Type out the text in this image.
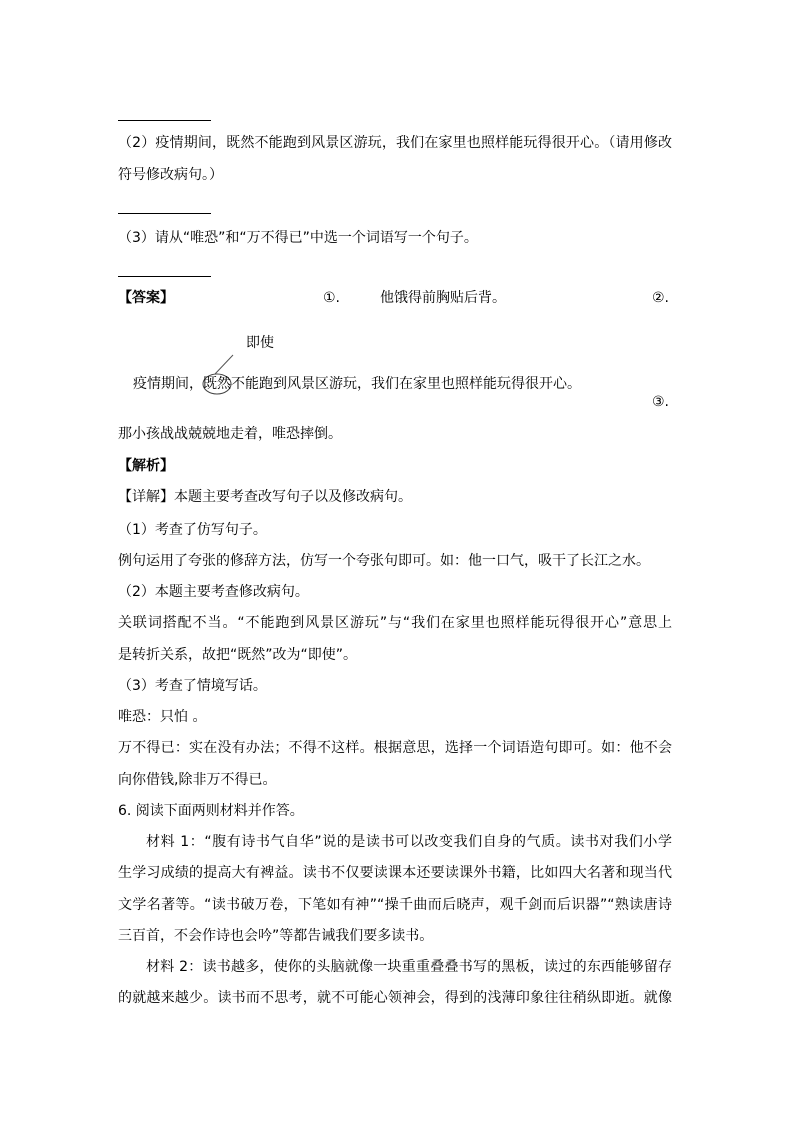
（2）疫情期间，既然不能跑到风景区游玩，我们在家里也照样能玩得很开心。（请用修改
符号修改病句。）
（3）请从“唯恐”和“万不得已”中选一个词语写一个句子。
【答案】	①.	他饿得前胸贴后背。	②.
即使
疫情期间，既然不能跑到风景区游玩，我们在家里也照样能玩得很开心。
③.
那小孩战战兢兢地走着，唯恐摔倒。
【解析】
【详解】本题主要考查改写句子以及修改病句。
（1）考查了仿写句子。
例句运用了夸张的修辞方法，仿写一个夸张句即可。如：他一口气，吸干了长江之水。
（2）本题主要考查修改病句。
关联词搭配不当。“不能跑到风景区游玩”与“我们在家里也照样能玩得很开心”意思上
是转折关系，故把“既然”改为“即使”。
（3）考查了情境写话。
唯恐：只怕 。
万不得已：实在没有办法；不得不这样。根据意思，选择一个词语造句即可。如：他不会
向你借钱,除非万不得已。
6. 阅读下面两则材料并作答。
材料 1：“腹有诗书气自华”说的是读书可以改变我们自身的气质。读书对我们小学
生学习成绩的提高大有裨益。读书不仅要读课本还要读课外书籍，比如四大名著和现当代
文学名著等。“读书破万卷，下笔如有神”“操千曲而后晓声，观千剑而后识器”“熟读唐诗
三百首，不会作诗也会吟”等都告诫我们要多读书。
材料 2：读书越多，使你的头脑就像一块重重叠叠书写的黑板，读过的东西能够留存
的就越来越少。读书而不思考，就不可能心领神会，得到的浅薄印象往往稍纵即逝。就像
